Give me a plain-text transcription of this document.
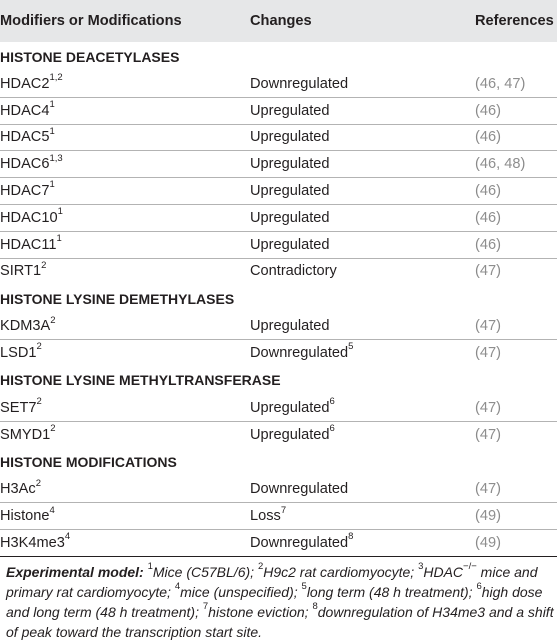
Modifiers or Modifications	Changes	References
HISTONE DEACETYLASES		
HDAC2$^{1,2}$	Downregulated	(46, 47)
$HDAC4^1$	Upregulated	(46)
$HDAC5^1$	Upregulated	(46)
HDAC6$^{1,3}$	Upregulated	(46, 48)
$HDAC7^1$	Upregulated	(46)
$HDAC10^1$	Upregulated	(46)
$HDAC11^1$	Upregulated	(46)
$SIRT1^2$	Contradictory	(47)
HISTONE LYSINE DEMETHYLASES		
$KDM3A^2$	Upregulated	(47)
$LSD1^2$	Downregulated$^5$	(47)
HISTONE LYSINE METHYLTRANSFERASE		
$SET7^2$	Upregulated$^6$	(47)
$SMYD1^2$	Upregulated$^6$	(47)
HISTONE MODIFICATIONS		
H3Ac$^2$	Downregulated	(47)
Histone$^4$	Loss$^7$	(49)
$H3K4me3^4$	Downregulated$^8$	(49)
Experimental model: $^1$Mice (C57BL/6); $^2$H9c2 rat cardiomyocyte; $^3$HDAC−/− mice and primary rat cardiomyocyte; $^4$mice (unspecified); $^5$long term (48 h treatment); $^6$high dose and long term (48 h treatment); $^7$histone eviction; $^8$downregulation of H34me3 and a shift of peak toward the transcription start site.
